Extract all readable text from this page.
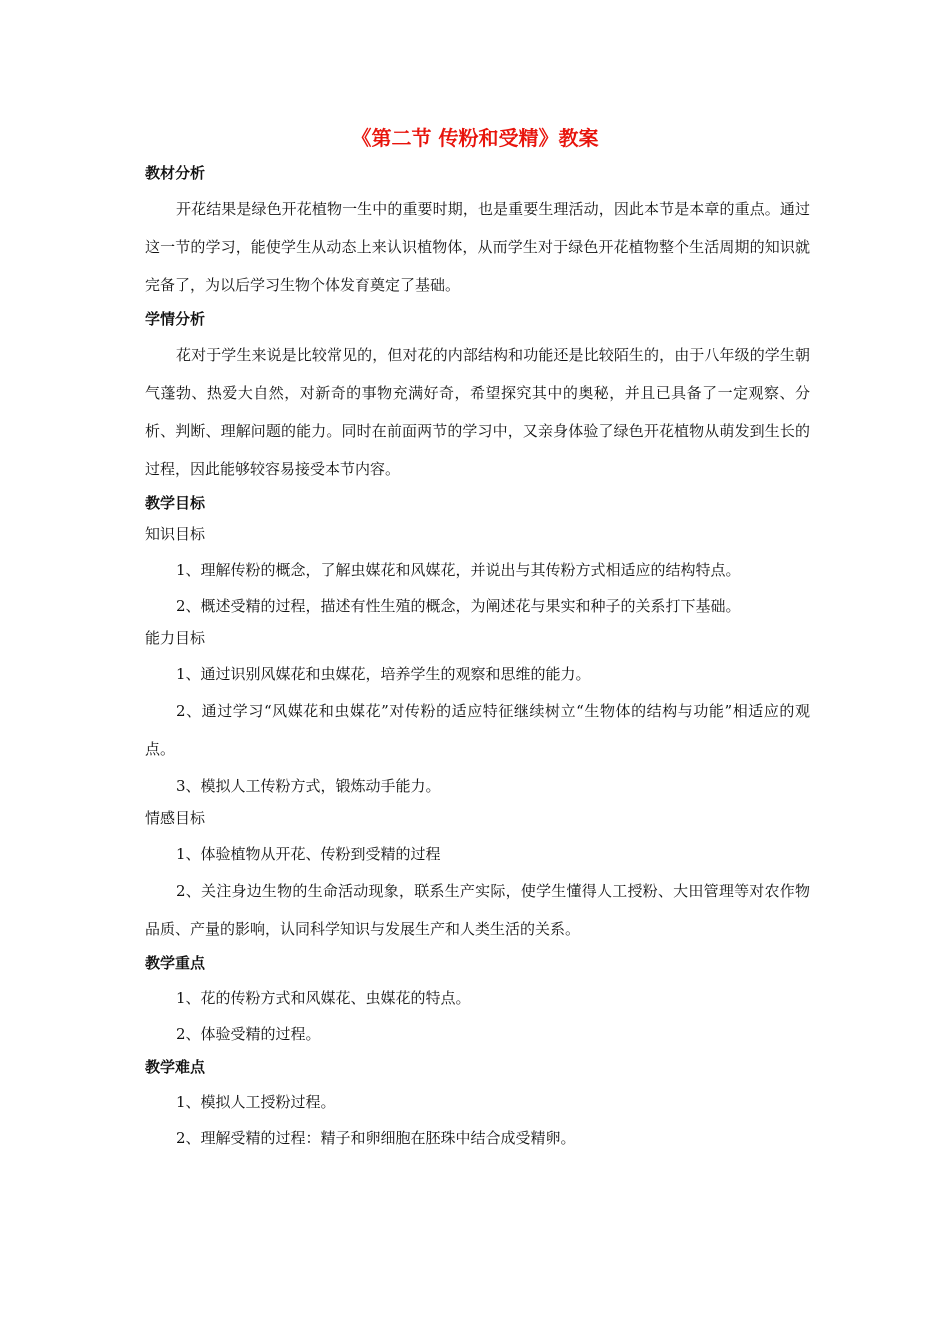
《第二节 传粉和受精》教案
教材分析

开花结果是绿色开花植物一生中的重要时期，也是重要生理活动，因此本节是本章的重点。通过这一节的学习，能使学生从动态上来认识植物体，从而学生对于绿色开花植物整个生活周期的知识就完备了，为以后学习生物个体发育奠定了基础。

学情分析

花对于学生来说是比较常见的，但对花的内部结构和功能还是比较陌生的，由于八年级的学生朝气蓬勃、热爱大自然，对新奇的事物充满好奇，希望探究其中的奥秘，并且已具备了一定观察、分析、判断、理解问题的能力。同时在前面两节的学习中，又亲身体验了绿色开花植物从萌发到生长的过程，因此能够较容易接受本节内容。

教学目标
知识目标

1、理解传粉的概念，了解虫媒花和风媒花，并说出与其传粉方式相适应的结构特点。

2、概述受精的过程，描述有性生殖的概念，为阐述花与果实和种子的关系打下基础。

能力目标

1、通过识别风媒花和虫媒花，培养学生的观察和思维的能力。

2、通过学习“风媒花和虫媒花”对传粉的适应特征继续树立“生物体的结构与功能”相适应的观点。

3、模拟人工传粉方式，锻炼动手能力。

情感目标

1、体验植物从开花、传粉到受精的过程

2、关注身边生物的生命活动现象，联系生产实际，使学生懂得人工授粉、大田管理等对农作物品质、产量的影响，认同科学知识与发展生产和人类生活的关系。

教学重点

1、花的传粉方式和风媒花、虫媒花的特点。

2、体验受精的过程。

教学难点

1、模拟人工授粉过程。

2、理解受精的过程：精子和卵细胞在胚珠中结合成受精卵。
